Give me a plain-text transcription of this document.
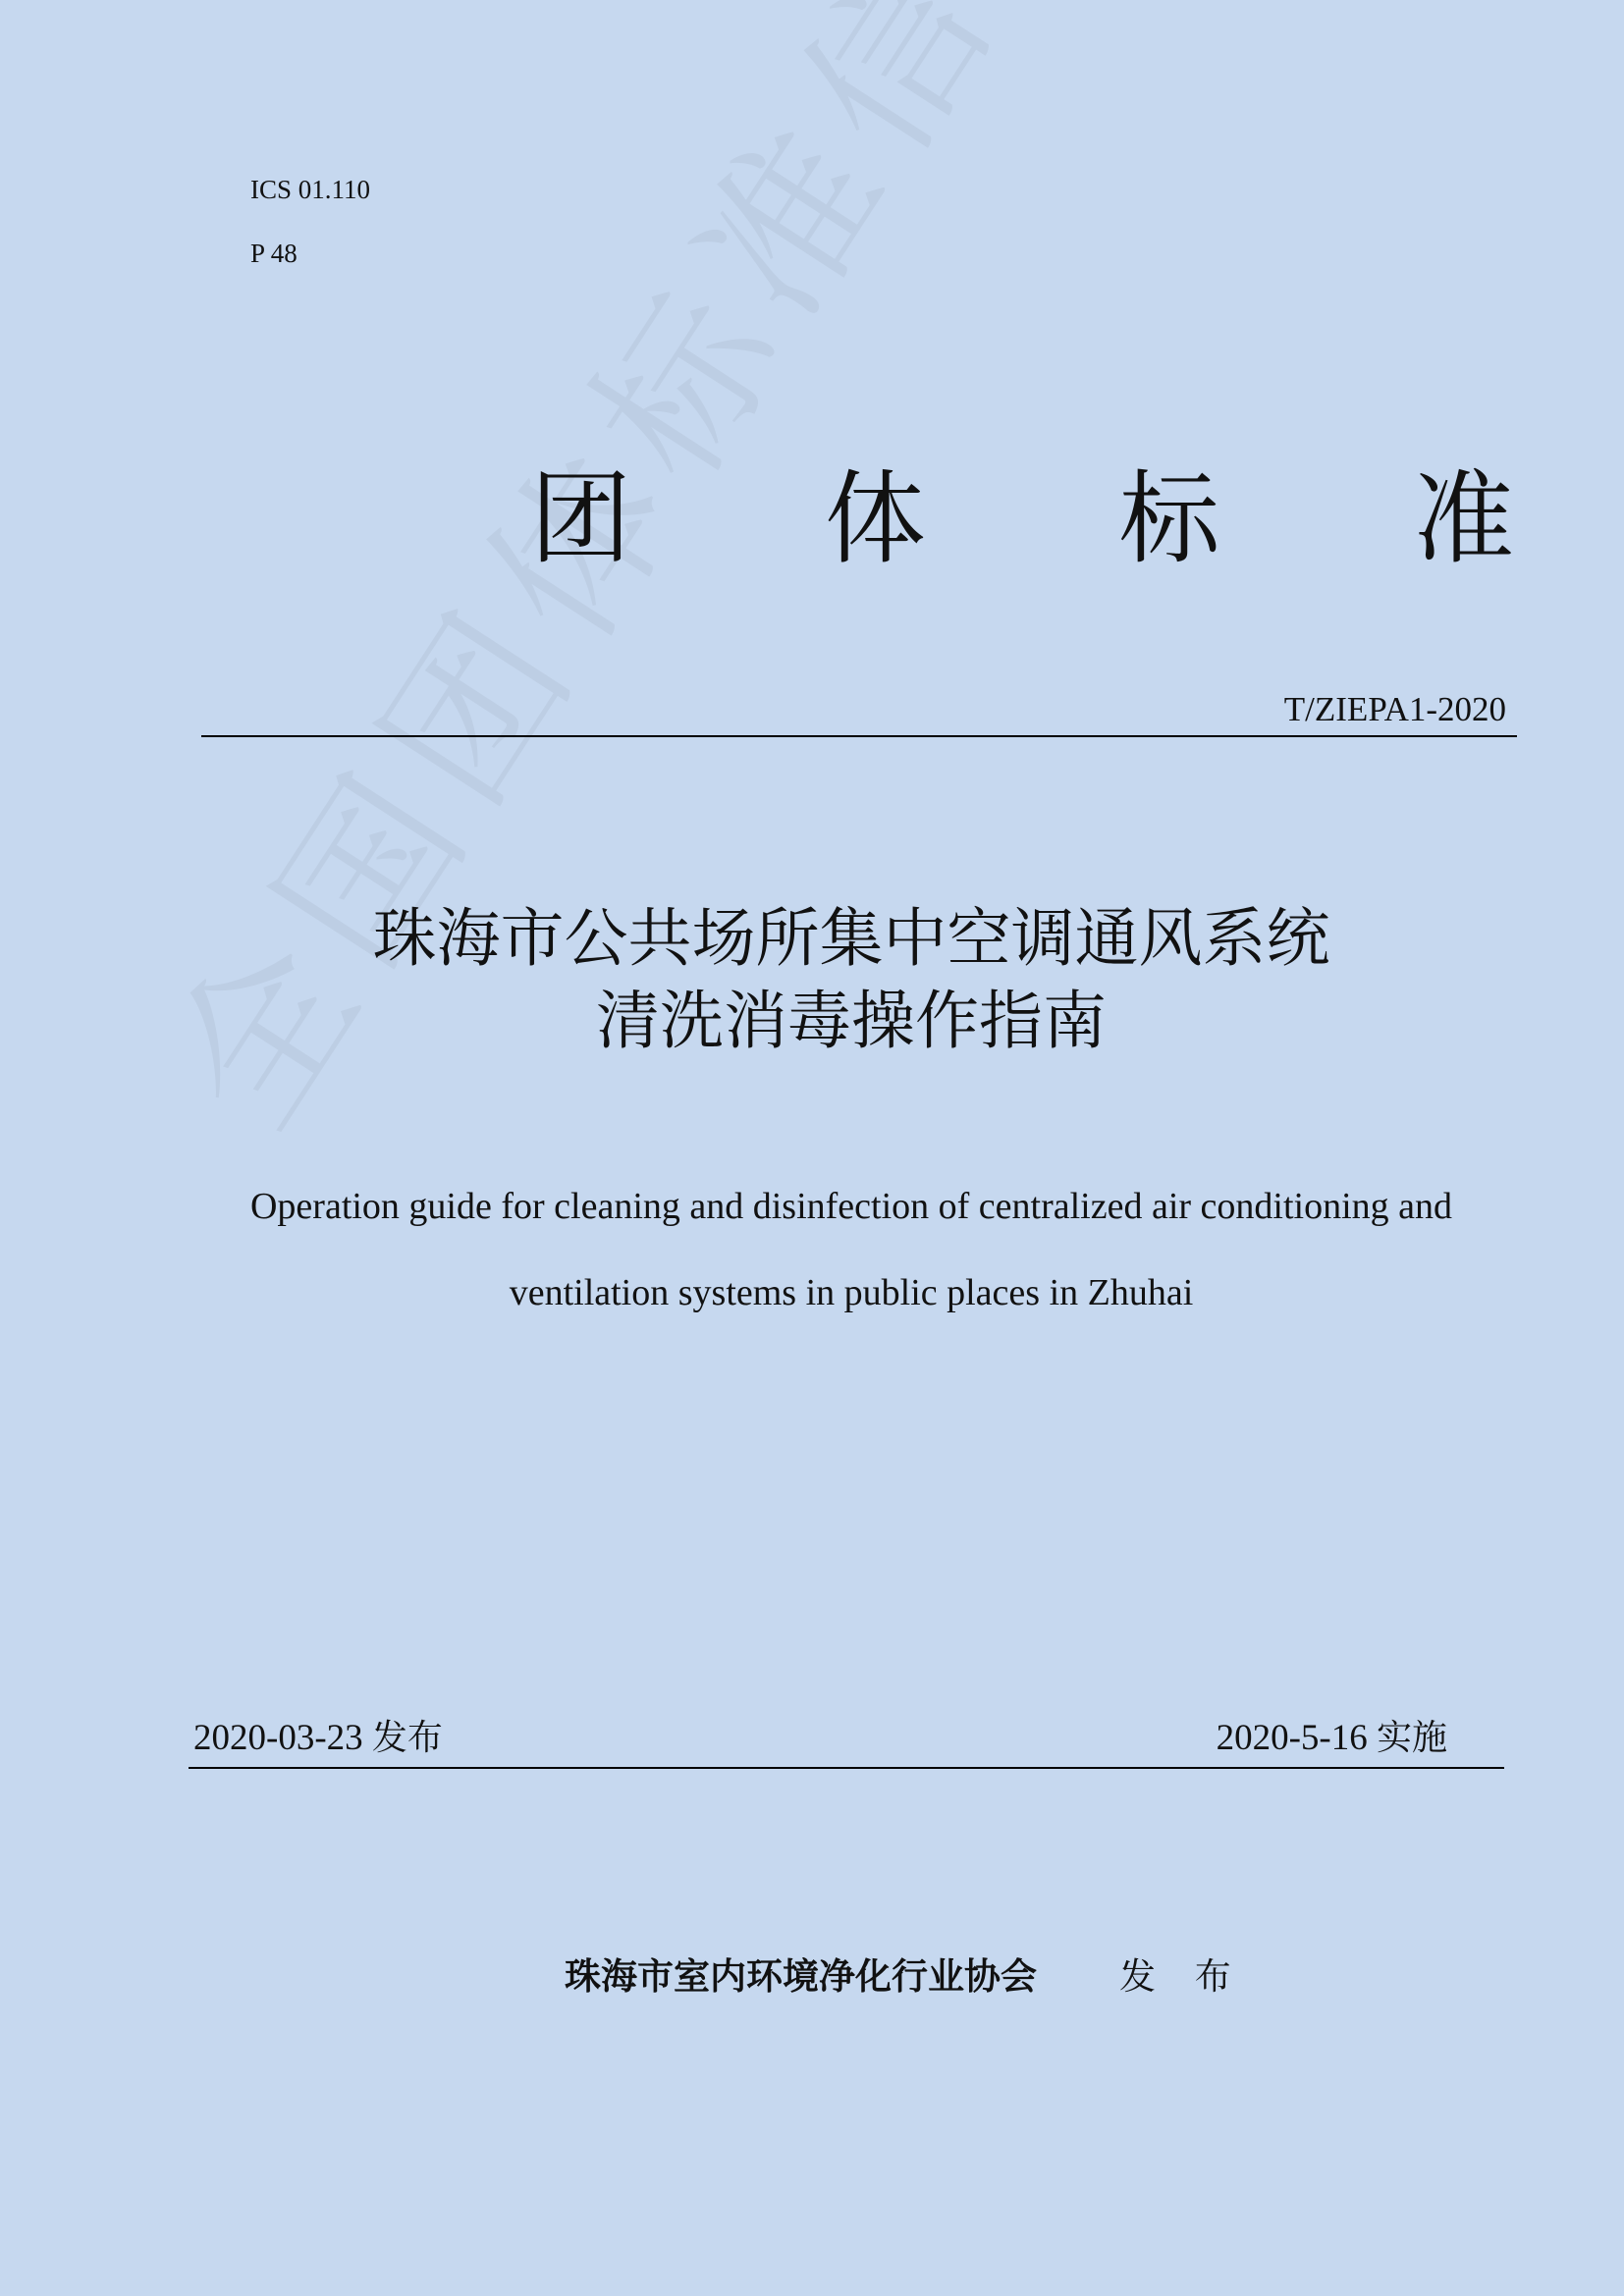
ICS 01.110
P 48
团 体 标 准
T/ZIEPA1-2020
珠海市公共场所集中空调通风系统
清洗消毒操作指南
Operation guide for cleaning and disinfection of centralized air conditioning and
ventilation systems in public places in Zhuhai
2020-03-23 发布	2020-5-16 实施
珠海市室内环境净化行业协会 发 布
